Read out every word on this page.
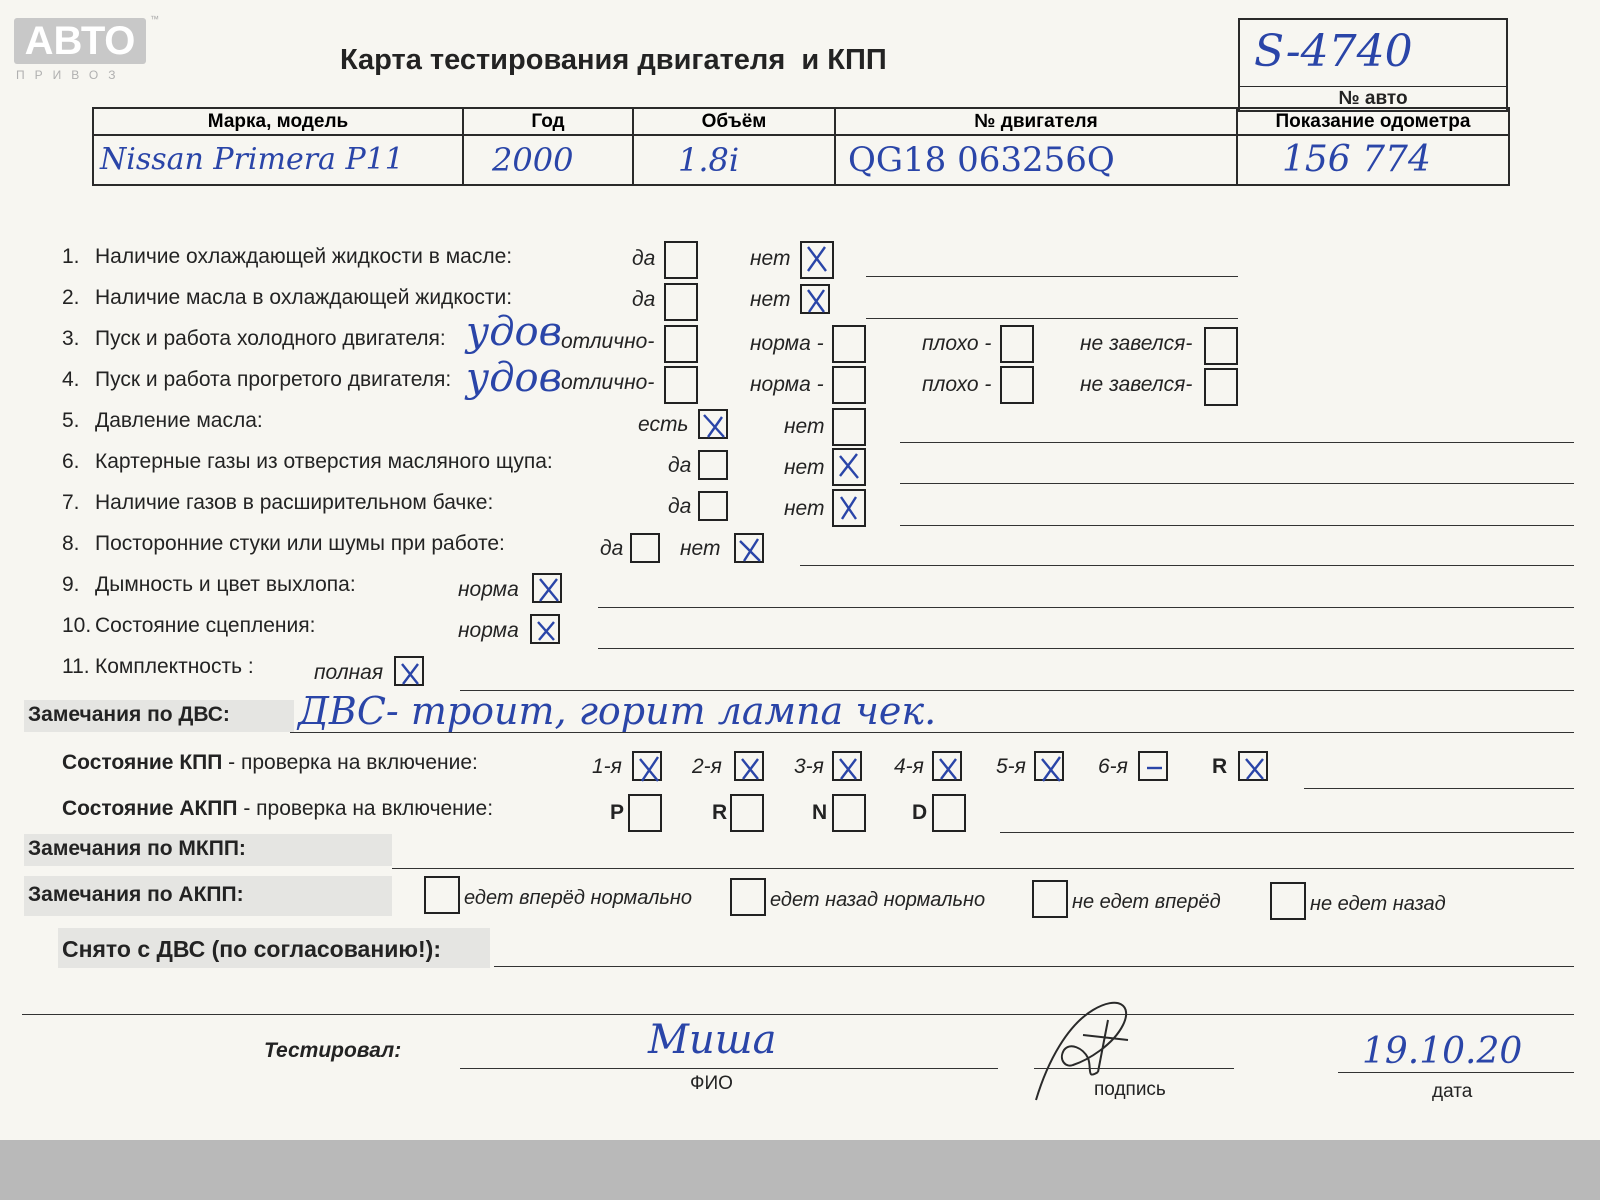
АВТО	™
ПРИВОЗ	Карта тестирования двигателя  и КПП	S-4740
№ авто
Марка, модель	Год	Объём	№ двигателя	Показание одометра
Nissan Primera P11	2000	1.8i	QG18 063256Q	156 774
1. Наличие охлаждающей жидкости в масле:	да	нет
2. Наличие масла в охлаждающей жидкости:	да	нет
3. Пуск и работа холодного двигателя: удов отлично-	норма -	плохо -	не завелся-
4. Пуск и работа прогретого двигателя: удов отлично-	норма -	плохо -	не завелся-
5. Давление масла:	есть	нет
6. Картерные газы из отверстия масляного щупа:	да	нет
7. Наличие газов в расширительном бачке:	да	нет
8. Посторонние стуки или шумы при работе:	да	нет
9. Дымность и цвет выхлопа:	норма
10. Состояние сцепления:	норма
11. Комплектность :	полная
Замечания по ДВС: ДВС- троит, горит лампа чек.
Состояние КПП - проверка на включение:	1-я	2-я	3-я	4-я	5-я	6-я	R
Состояние АКПП - проверка на включение:	P	R	N	D
Замечания по МКПП:
Замечания по АКПП:	едет вперёд нормально	едет назад нормально	не едет вперёд	не едет назад
Снято с ДВС (по согласованию!):
Тестировал:	Миша
ФИО	подпись
19.10.20
дата
